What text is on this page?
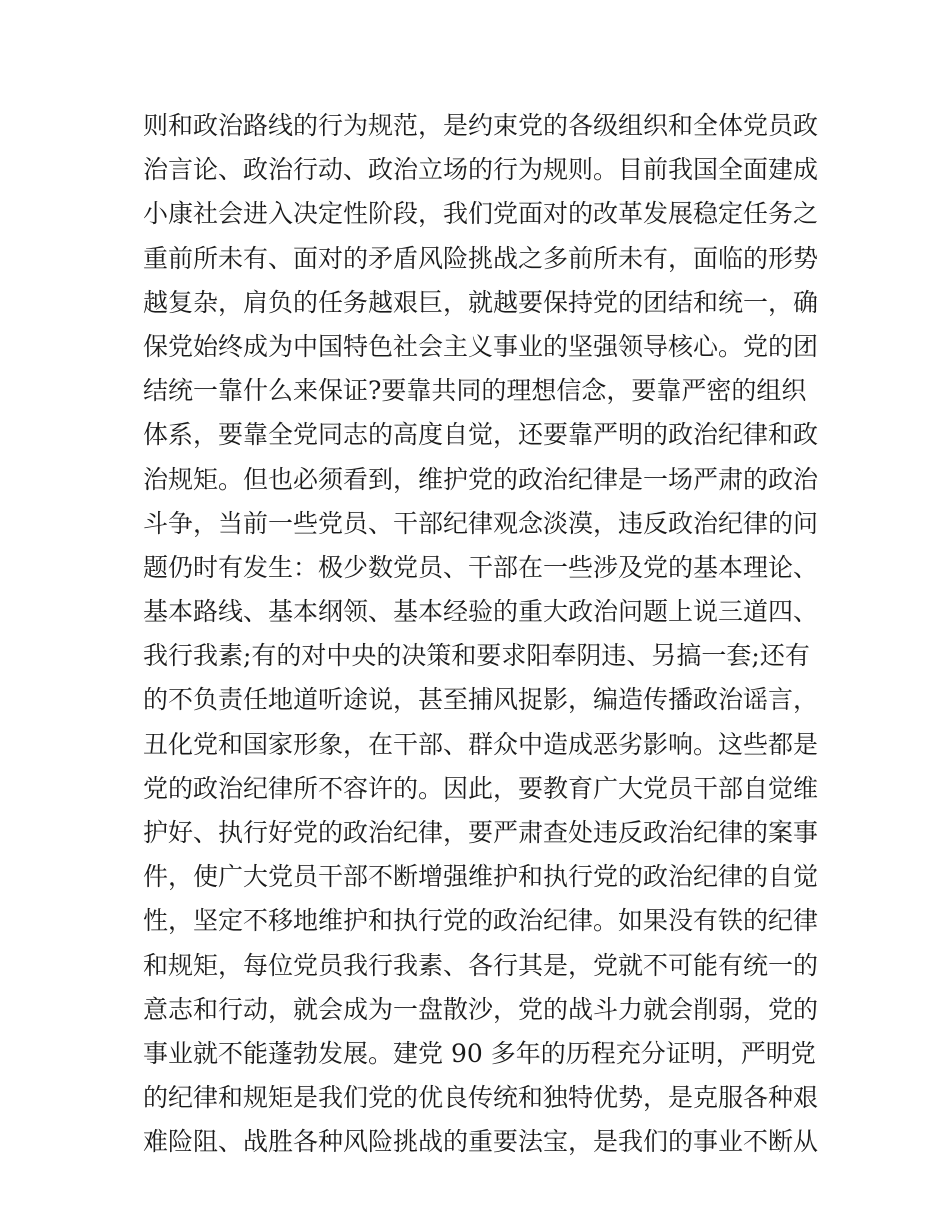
则和政治路线的行为规范，是约束党的各级组织和全体党员政
治言论、政治行动、政治立场的行为规则。目前我国全面建成
小康社会进入决定性阶段，我们党面对的改革发展稳定任务之
重前所未有、面对的矛盾风险挑战之多前所未有，面临的形势
越复杂，肩负的任务越艰巨，就越要保持党的团结和统一，确
保党始终成为中国特色社会主义事业的坚强领导核心。党的团
结统一靠什么来保证?要靠共同的理想信念，要靠严密的组织
体系，要靠全党同志的高度自觉，还要靠严明的政治纪律和政
治规矩。但也必须看到，维护党的政治纪律是一场严肃的政治
斗争，当前一些党员、干部纪律观念淡漠，违反政治纪律的问
题仍时有发生：极少数党员、干部在一些涉及党的基本理论、
基本路线、基本纲领、基本经验的重大政治问题上说三道四、
我行我素;有的对中央的决策和要求阳奉阴违、另搞一套;还有
的不负责任地道听途说，甚至捕风捉影，编造传播政治谣言，
丑化党和国家形象，在干部、群众中造成恶劣影响。这些都是
党的政治纪律所不容许的。因此，要教育广大党员干部自觉维
护好、执行好党的政治纪律，要严肃查处违反政治纪律的案事
件，使广大党员干部不断增强维护和执行党的政治纪律的自觉
性，坚定不移地维护和执行党的政治纪律。如果没有铁的纪律
和规矩，每位党员我行我素、各行其是，党就不可能有统一的
意志和行动，就会成为一盘散沙，党的战斗力就会削弱，党的
事业就不能蓬勃发展。建党 90 多年的历程充分证明，严明党
的纪律和规矩是我们党的优良传统和独特优势，是克服各种艰
难险阻、战胜各种风险挑战的重要法宝，是我们的事业不断从
